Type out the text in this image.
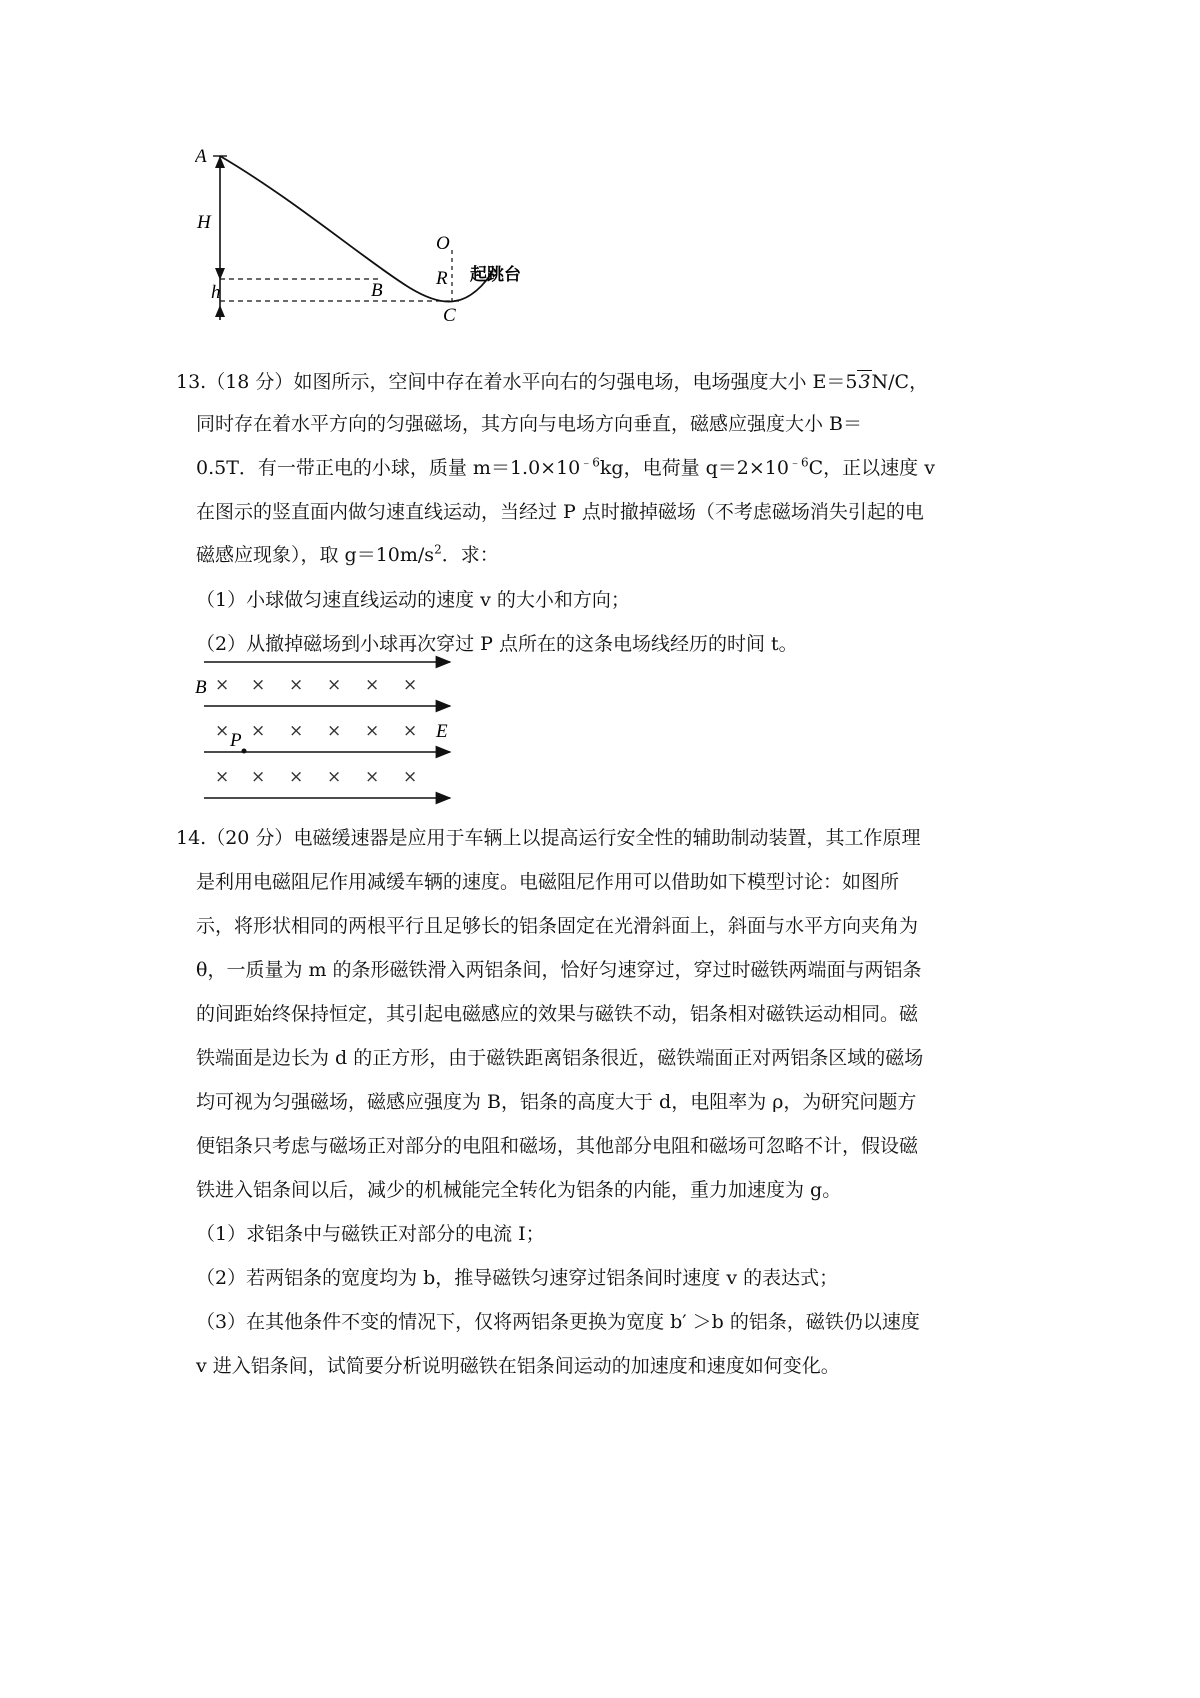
A
H
h	B
O
R
C
起跳台
13.（18 分）如图所示，空间中存在着水平向右的匀强电场，电场强度大小 E＝53N/C，
同时存在着水平方向的匀强磁场，其方向与电场方向垂直，磁感应强度大小 B＝
0.5T．有一带正电的小球，质量 $m=1.0\times 10^{﹣6}kg$，电荷量 $q=2\times 10^{﹣6}C$，正以速度 v
在图示的竖直面内做匀速直线运动，当经过 P 点时撤掉磁场（不考虑磁场消失引起的电
磁感应现象），取 $g=10m/s^2$．求：
（1）小球做匀速直线运动的速度 v 的大小和方向；
（2）从撤掉磁场到小球再次穿过 P 点所在的这条电场线经历的时间 t。
B
E
P
× × × × × ×
× × × × × ×
× × × × × ×
14.（20 分）电磁缓速器是应用于车辆上以提高运行安全性的辅助制动装置，其工作原理
是利用电磁阻尼作用减缓车辆的速度。电磁阻尼作用可以借助如下模型讨论：如图所
示，将形状相同的两根平行且足够长的铝条固定在光滑斜面上，斜面与水平方向夹角为
θ，一质量为 m 的条形磁铁滑入两铝条间，恰好匀速穿过，穿过时磁铁两端面与两铝条
的间距始终保持恒定，其引起电磁感应的效果与磁铁不动，铝条相对磁铁运动相同。磁
铁端面是边长为 d 的正方形，由于磁铁距离铝条很近，磁铁端面正对两铝条区域的磁场
均可视为匀强磁场，磁感应强度为 B，铝条的高度大于 d，电阻率为 ρ，为研究问题方
便铝条只考虑与磁场正对部分的电阻和磁场，其他部分电阻和磁场可忽略不计，假设磁
铁进入铝条间以后，减少的机械能完全转化为铝条的内能，重力加速度为 g。
（1）求铝条中与磁铁正对部分的电流 I；
（2）若两铝条的宽度均为 b，推导磁铁匀速穿过铝条间时速度 v 的表达式；
（3）在其他条件不变的情况下，仅将两铝条更换为宽度 b′ ＞b 的铝条，磁铁仍以速度
v 进入铝条间，试简要分析说明磁铁在铝条间运动的加速度和速度如何变化。
